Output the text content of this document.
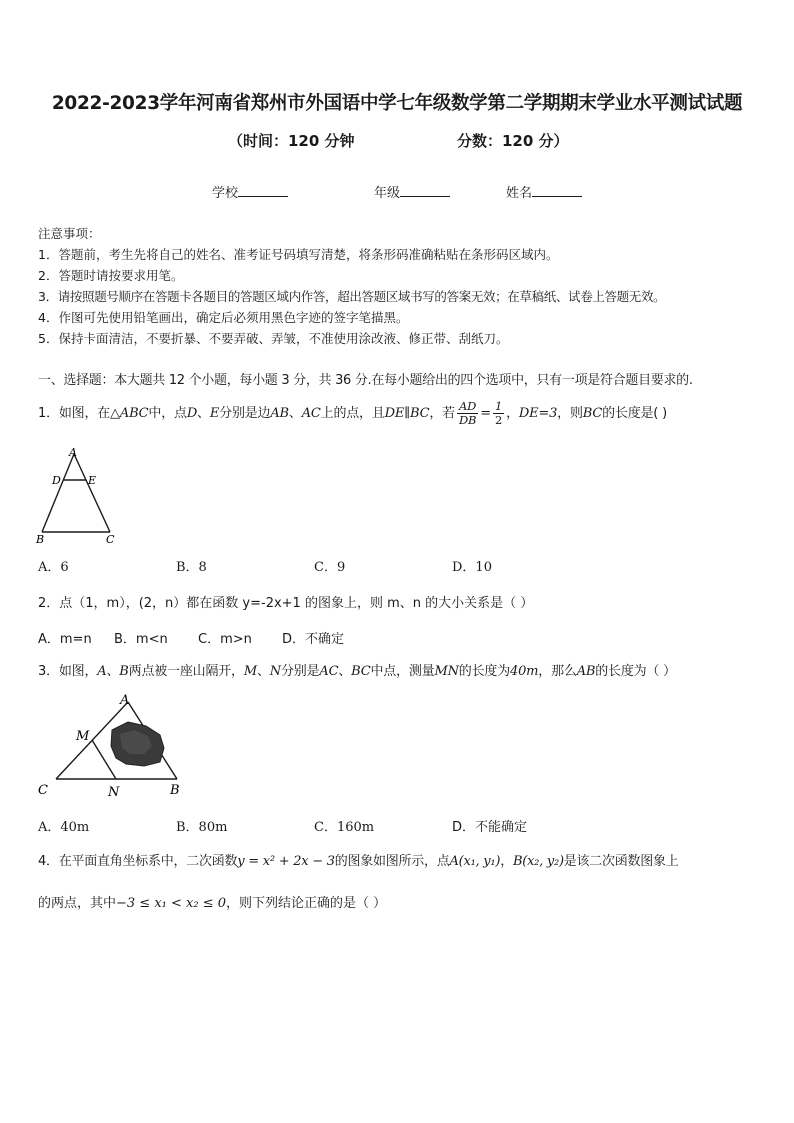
2022-2023学年河南省郑州市外国语中学七年级数学第二学期期末学业水平测试试题
（时间：120 分钟	分数：120 分）
学校	年级	姓名
注意事项：
1．答题前，考生先将自己的姓名、准考证号码填写清楚，将条形码准确粘贴在条形码区域内。
2．答题时请按要求用笔。
3．请按照题号顺序在答题卡各题目的答题区域内作答，超出答题区域书写的答案无效；在草稿纸、试卷上答题无效。
4．作图可先使用铅笔画出，确定后必须用黑色字迹的签字笔描黑。
5．保持卡面清洁，不要折暴、不要弄破、弄皱，不准使用涂改液、修正带、刮纸刀。
一、选择题：本大题共 12 个小题，每小题 3 分，共 36 分.在每小题给出的四个选项中，只有一项是符合题目要求的.
1．如图，在△ABC中，点D、E分别是边AB、AC上的点，且DE∥BC，若 $\frac{AD}{DB} = \frac{1}{2}$ ，DE=3，则BC的长度是( )
A
D E
B	C
A．6	B．8	C．9	D．10
2．点（1，m），(2，n）都在函数 y=-2x+1 的图象上，则 m、n 的大小关系是（ ）
A．m=n B．m<n C．m>n D．不确定
3．如图，A、B两点被一座山隔开，M、N分别是AC、BC中点，测量MN的长度为40m，那么AB的长度为（ ）
A
M
C	N	B
A．40m	B．80m	C．160m	D．不能确定
4．在平面直角坐标系中，二次函数y = x² + 2x − 3的图象如图所示，点A(x₁, y₁)，B(x₂, y₂)是该二次函数图象上
的两点，其中−3 ≤ x₁ < x₂ ≤ 0，则下列结论正确的是（ ）
